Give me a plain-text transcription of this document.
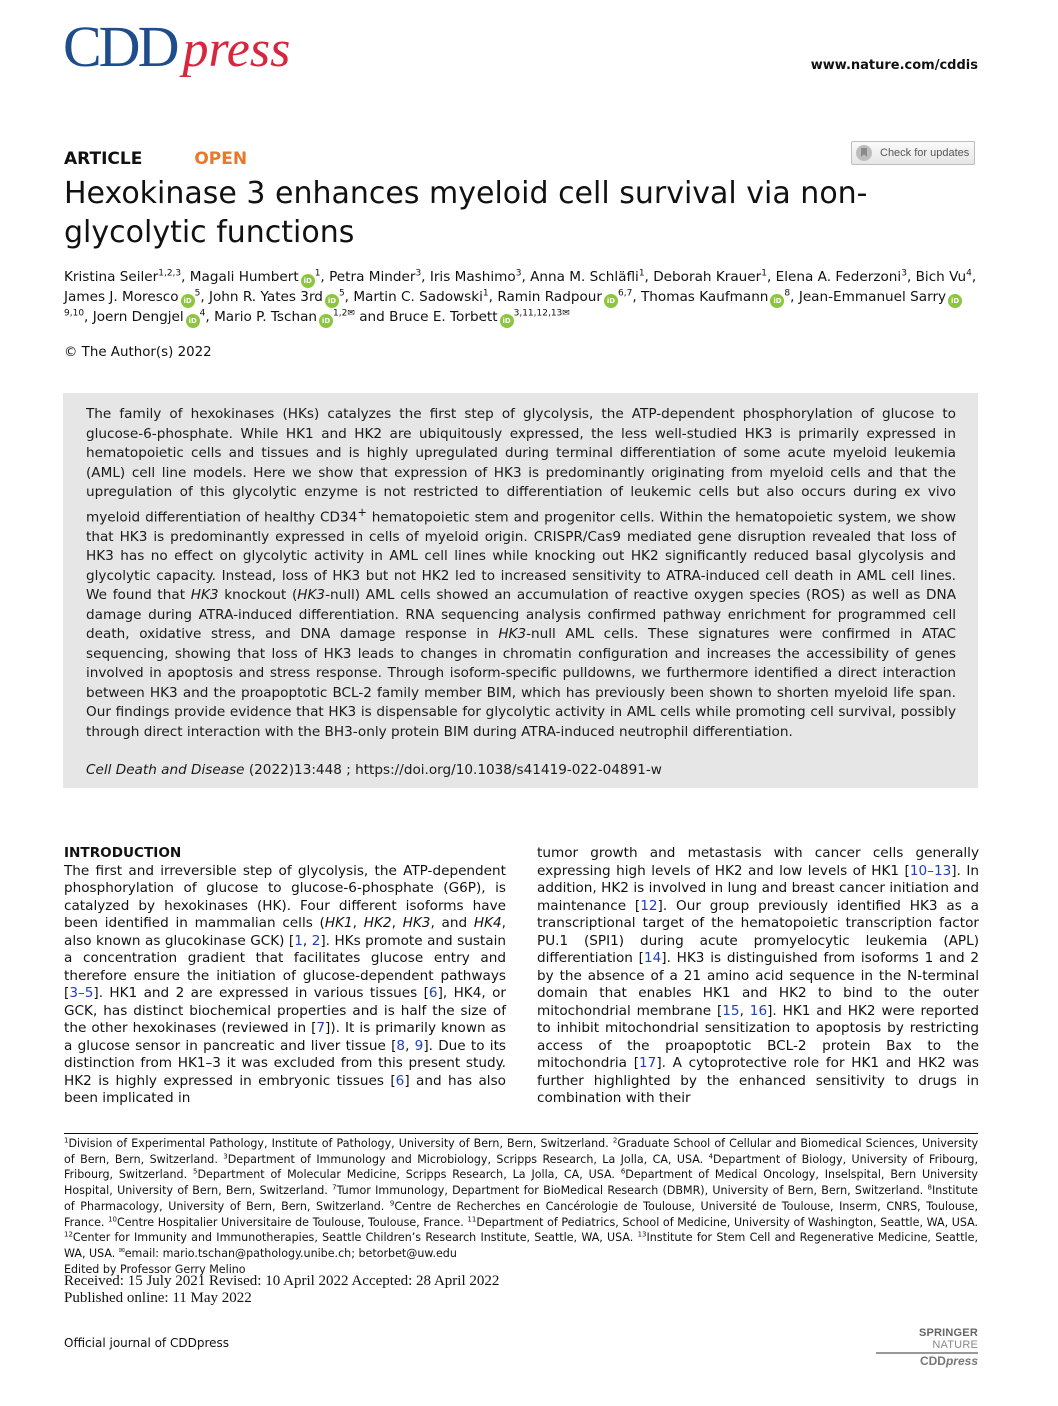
CDD press	www.nature.com/cddis
ARTICLE	OPEN	Check for updates
Hexokinase 3 enhances myeloid cell survival via non-glycolytic functions
Kristina Seiler$^{1,2,3}$, Magali Humbert $iD^1$, Petra Minder$^3$, Iris Mashimo$^3$, Anna M. Schläfli$^1$, Deborah Krauer$^1$, Elena A. Federzoni$^3$, Bich Vu$^4$, James J. Moresco $iD^5$, John R. Yates 3rd $iD^5$, Martin C. Sadowski$^1$, Ramin Radpour iD$^{6,7}$, Thomas Kaufmann $iD^8$, Jean-Emmanuel Sarry iD$^{9,10}$, Joern Dengjel $iD^4$, Mario P. Tschan $iD^{1,2✉}$ and Bruce E. Torbett $iD^{3,11,12,13✉}$
© The Author(s) 2022

The family of hexokinases (HKs) catalyzes the first step of glycolysis, the ATP-dependent phosphorylation of glucose to glucose-6-phosphate. While HK1 and HK2 are ubiquitously expressed, the less well-studied HK3 is primarily expressed in hematopoietic cells and tissues and is highly upregulated during terminal differentiation of some acute myeloid leukemia (AML) cell line models. Here we show that expression of HK3 is predominantly originating from myeloid cells and that the upregulation of this glycolytic enzyme is not restricted to differentiation of leukemic cells but also occurs during ex vivo myeloid differentiation of healthy CD34+ hematopoietic stem and progenitor cells. Within the hematopoietic system, we show that HK3 is predominantly expressed in cells of myeloid origin. CRISPR/Cas9 mediated gene disruption revealed that loss of HK3 has no effect on glycolytic activity in AML cell lines while knocking out HK2 significantly reduced basal glycolysis and glycolytic capacity. Instead, loss of HK3 but not HK2 led to increased sensitivity to ATRA-induced cell death in AML cell lines. We found that HK3 knockout (HK3-null) AML cells showed an accumulation of reactive oxygen species (ROS) as well as DNA damage during ATRA-induced differentiation. RNA sequencing analysis confirmed pathway enrichment for programmed cell death, oxidative stress, and DNA damage response in HK3-null AML cells. These signatures were confirmed in ATAC sequencing, showing that loss of HK3 leads to changes in chromatin configuration and increases the accessibility of genes involved in apoptosis and stress response. Through isoform-specific pulldowns, we furthermore identified a direct interaction between HK3 and the proapoptotic BCL-2 family member BIM, which has previously been shown to shorten myeloid life span. Our findings provide evidence that HK3 is dispensable for glycolytic activity in AML cells while promoting cell survival, possibly through direct interaction with the BH3-only protein BIM during ATRA-induced neutrophil differentiation.

Cell Death and Disease (2022)13:448 ; https://doi.org/10.1038/s41419-022-04891-w

INTRODUCTION

The first and irreversible step of glycolysis, the ATP-dependent phosphorylation of glucose to glucose-6-phosphate (G6P), is catalyzed by hexokinases (HK). Four different isoforms have been identified in mammalian cells (HK1, HK2, HK3, and HK4, also known as glucokinase GCK) [1, 2]. HKs promote and sustain a concentration gradient that facilitates glucose entry and therefore ensure the initiation of glucose-dependent pathways [3–5]. HK1 and 2 are expressed in various tissues [6], HK4, or GCK, has distinct biochemical properties and is half the size of the other hexokinases (reviewed in [7]). It is primarily known as a glucose sensor in pancreatic and liver tissue [8, 9]. Due to its distinction from HK1–3 it was excluded from this present study. HK2 is highly expressed in embryonic tissues [6] and has also been implicated in

tumor growth and metastasis with cancer cells generally expressing high levels of HK2 and low levels of HK1 [10–13]. In addition, HK2 is involved in lung and breast cancer initiation and maintenance [12]. Our group previously identified HK3 as a transcriptional target of the hematopoietic transcription factor PU.1 (SPI1) during acute promyelocytic leukemia (APL) differentiation [14]. HK3 is distinguished from isoforms 1 and 2 by the absence of a 21 amino acid sequence in the N-terminal domain that enables HK1 and HK2 to bind to the outer mitochondrial membrane [15, 16]. HK1 and HK2 were reported to inhibit mitochondrial sensitization to apoptosis by restricting access of the proapoptotic BCL-2 protein Bax to the mitochondria [17]. A cytoprotective role for HK1 and HK2 was further highlighted by the enhanced sensitivity to drugs in combination with their

$^1$Division of Experimental Pathology, Institute of Pathology, University of Bern, Bern, Switzerland. $^2$Graduate School of Cellular and Biomedical Sciences, University of Bern, Bern, Switzerland. $^3$Department of Immunology and Microbiology, Scripps Research, La Jolla, CA, USA. $^4$Department of Biology, University of Fribourg, Fribourg, Switzerland. $^5$Department of Molecular Medicine, Scripps Research, La Jolla, CA, USA. $^6$Department of Medical Oncology, Inselspital, Bern University Hospital, University of Bern, Bern, Switzerland. $^7$Tumor Immunology, Department for BioMedical Research (DBMR), University of Bern, Bern, Switzerland. $^8$Institute of Pharmacology, University of Bern, Bern, Switzerland. $^9$Centre de Recherches en Cancérologie de Toulouse, Université de Toulouse, Inserm, CNRS, Toulouse, France. $^{10}$Centre Hospitalier Universitaire de Toulouse, Toulouse, France. $^{11}$Department of Pediatrics, School of Medicine, University of Washington, Seattle, WA, USA. $^{12}$Center for Immunity and Immunotherapies, Seattle Children’s Research Institute, Seattle, WA, USA. $^{13}$Institute for Stem Cell and Regenerative Medicine, Seattle, WA, USA. ✉email: mario.tschan@pathology.unibe.ch; betorbet@uw.edu
Edited by Professor Gerry Melino
Received: 15 July 2021 Revised: 10 April 2022 Accepted: 28 April 2022
Published online: 11 May 2022
Official journal of CDDpress
SPRINGER NATURE
CDDpress
